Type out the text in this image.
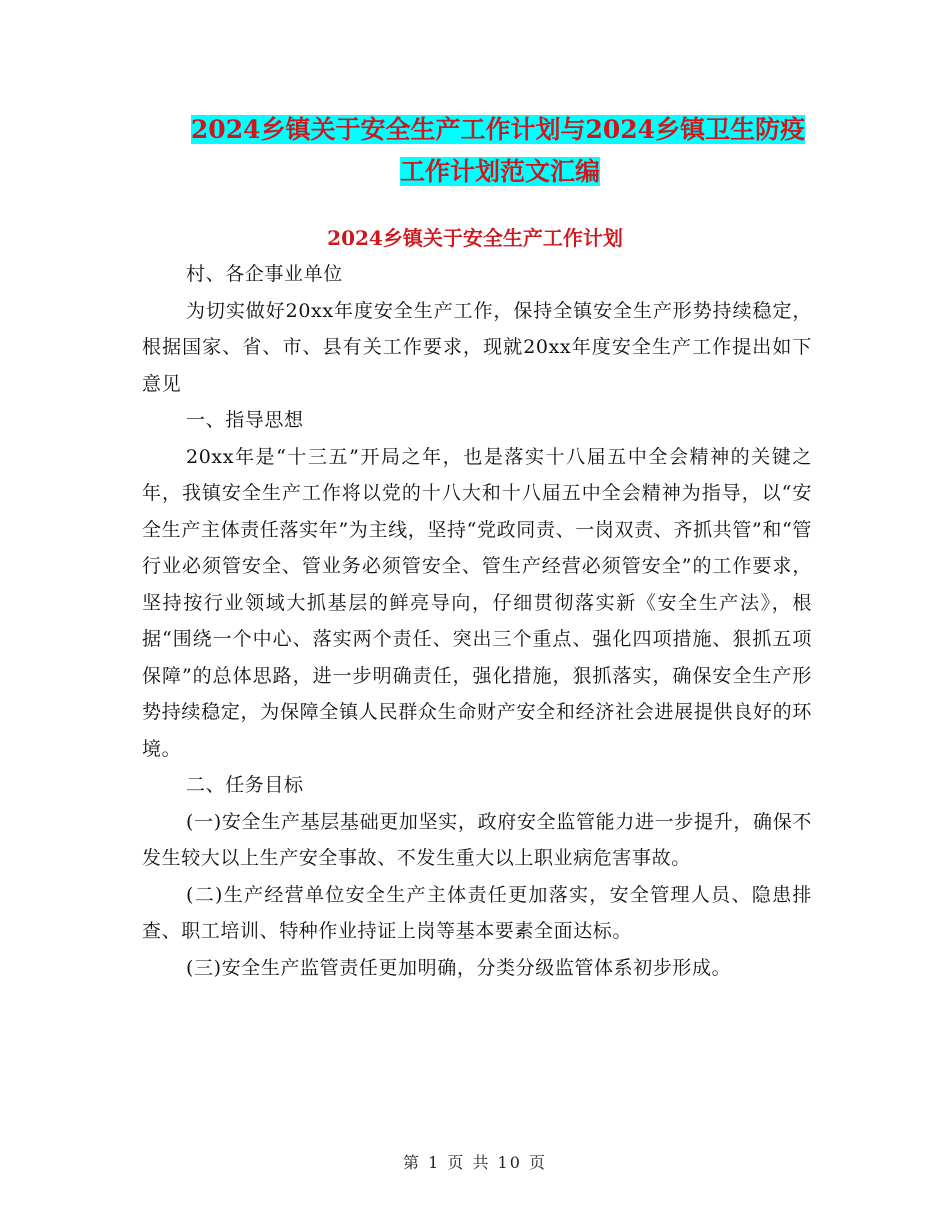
2024乡镇关于安全生产工作计划与2024乡镇卫生防疫
工作计划范文汇编
2024乡镇关于安全生产工作计划

村、各企事业单位

为切实做好20xx年度安全生产工作，保持全镇安全生产形势持续稳定，根据国家、省、市、县有关工作要求，现就20xx年度安全生产工作提出如下意见

一、指导思想

20xx年是“十三五”开局之年，也是落实十八届五中全会精神的关键之年，我镇安全生产工作将以党的十八大和十八届五中全会精神为指导，以“安全生产主体责任落实年”为主线，坚持“党政同责、一岗双责、齐抓共管”和“管行业必须管安全、管业务必须管安全、管生产经营必须管安全”的工作要求，坚持按行业领域大抓基层的鲜亮导向，仔细贯彻落实新《安全生产法》，根据“围绕一个中心、落实两个责任、突出三个重点、强化四项措施、狠抓五项保障”的总体思路，进一步明确责任，强化措施，狠抓落实，确保安全生产形势持续稳定，为保障全镇人民群众生命财产安全和经济社会进展提供良好的环境。

二、任务目标

(一)安全生产基层基础更加坚实，政府安全监管能力进一步提升，确保不发生较大以上生产安全事故、不发生重大以上职业病危害事故。

(二)生产经营单位安全生产主体责任更加落实，安全管理人员、隐患排查、职工培训、特种作业持证上岗等基本要素全面达标。

(三)安全生产监管责任更加明确，分类分级监管体系初步形成。

第 1 页 共 10 页
